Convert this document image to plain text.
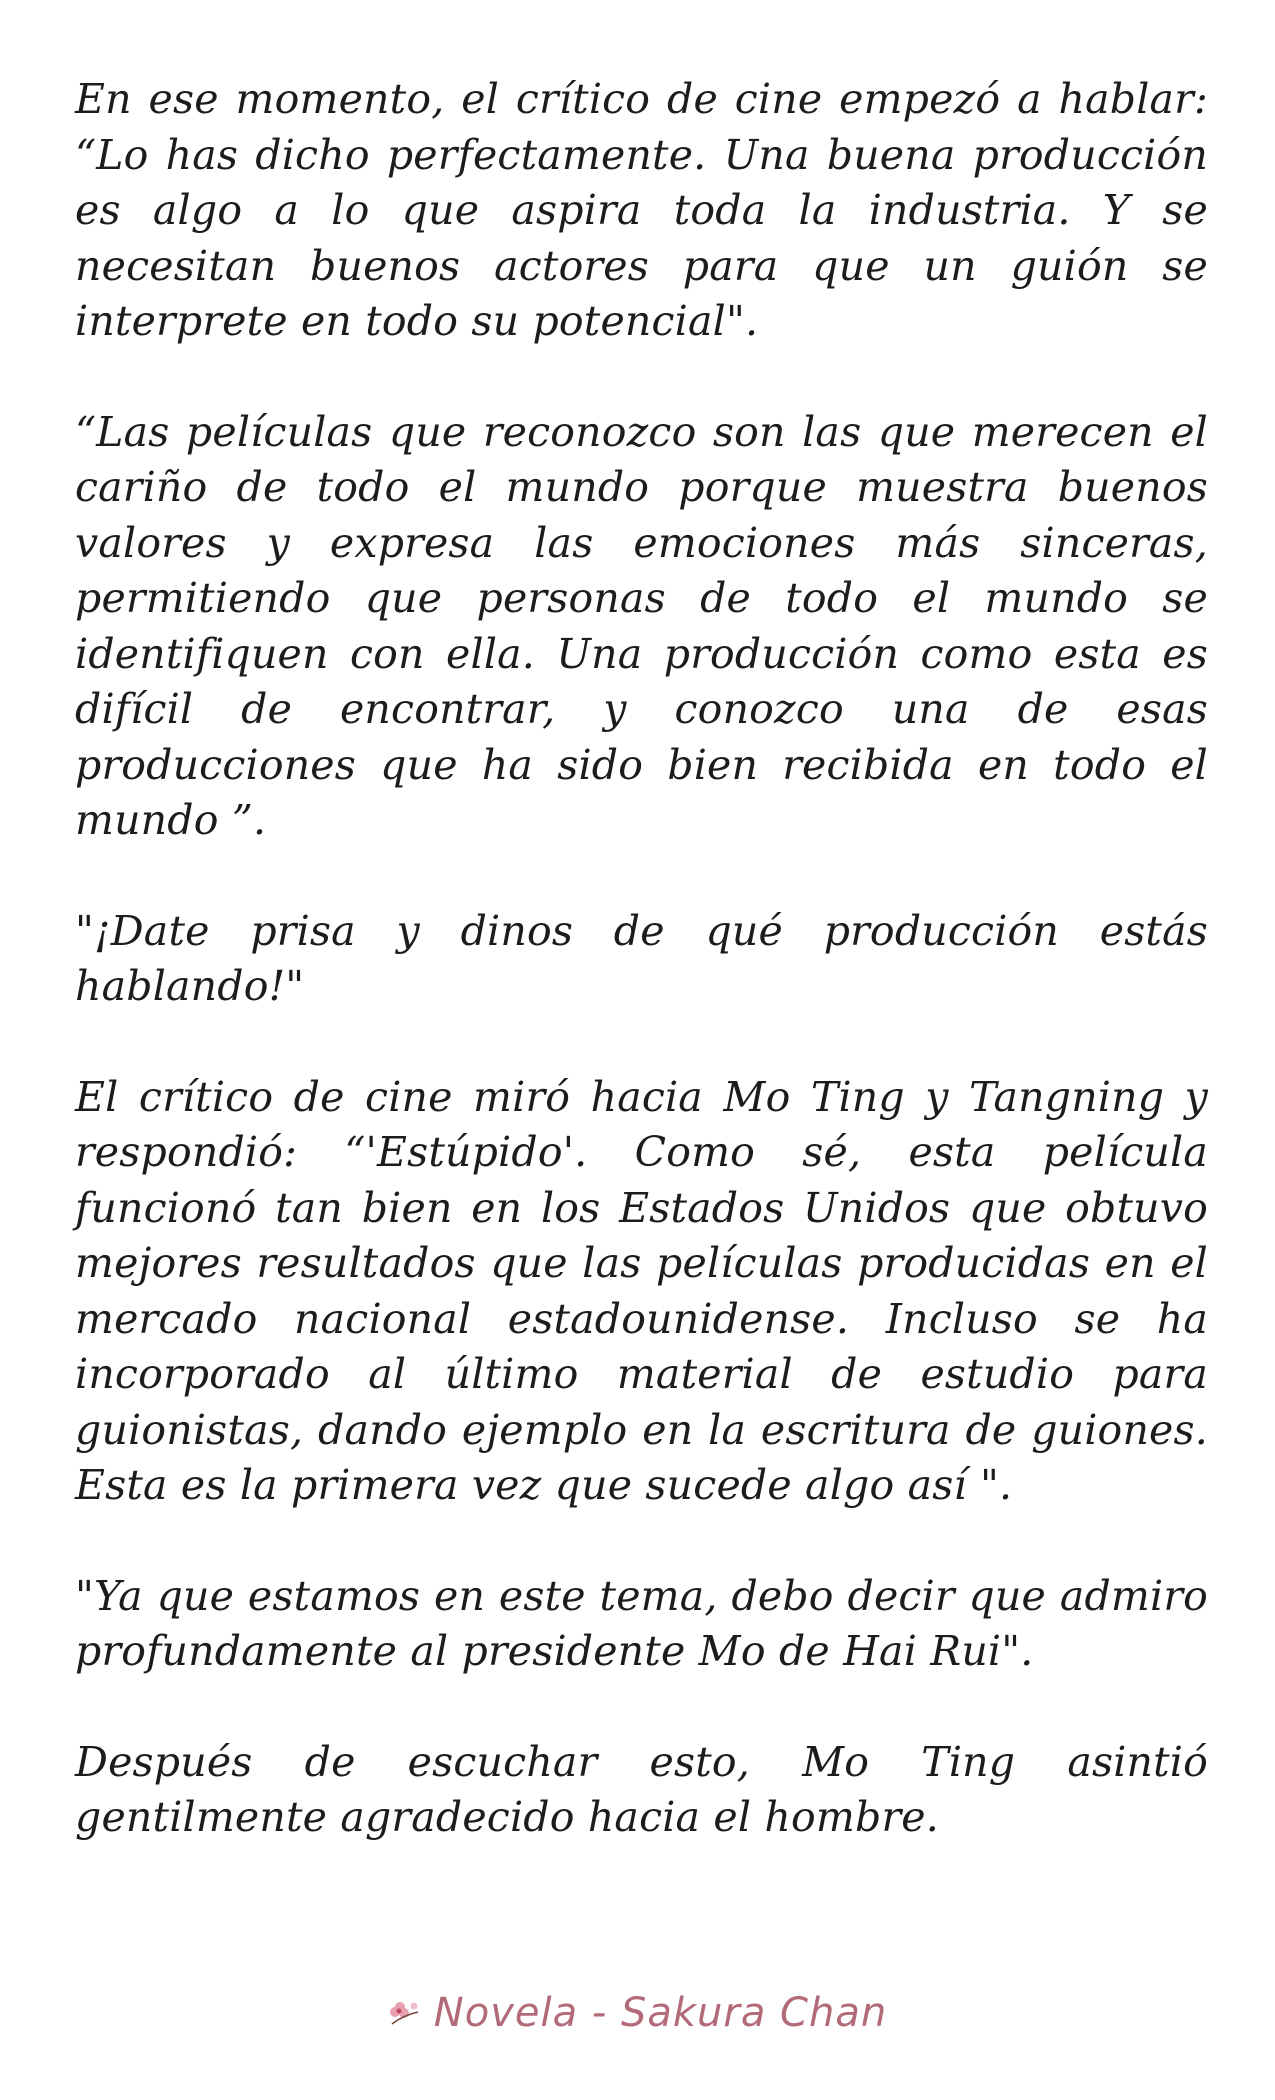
En ese momento, el crítico de cine empezó a hablar: “Lo has dicho perfectamente. Una buena producción es algo a lo que aspira toda la industria. Y se necesitan buenos actores para que un guión se interprete en todo su potencial".

“Las películas que reconozco son las que merecen el cariño de todo el mundo porque muestra buenos valores y expresa las emociones más sinceras, permitiendo que personas de todo el mundo se identifiquen con ella. Una producción como esta es difícil de encontrar, y conozco una de esas producciones que ha sido bien recibida en todo el mundo ”.

"¡Date prisa y dinos de qué producción estás hablando!"

El crítico de cine miró hacia Mo Ting y Tangning y respondió: “'Estúpido'. Como sé, esta película funcionó tan bien en los Estados Unidos que obtuvo mejores resultados que las películas producidas en el mercado nacional estadounidense. Incluso se ha incorporado al último material de estudio para guionistas, dando ejemplo en la escritura de guiones. Esta es la primera vez que sucede algo así ".

"Ya que estamos en este tema, debo decir que admiro profundamente al presidente Mo de Hai Rui".

Después de escuchar esto, Mo Ting asintió gentilmente agradecido hacia el hombre.

Novela - Sakura Chan
